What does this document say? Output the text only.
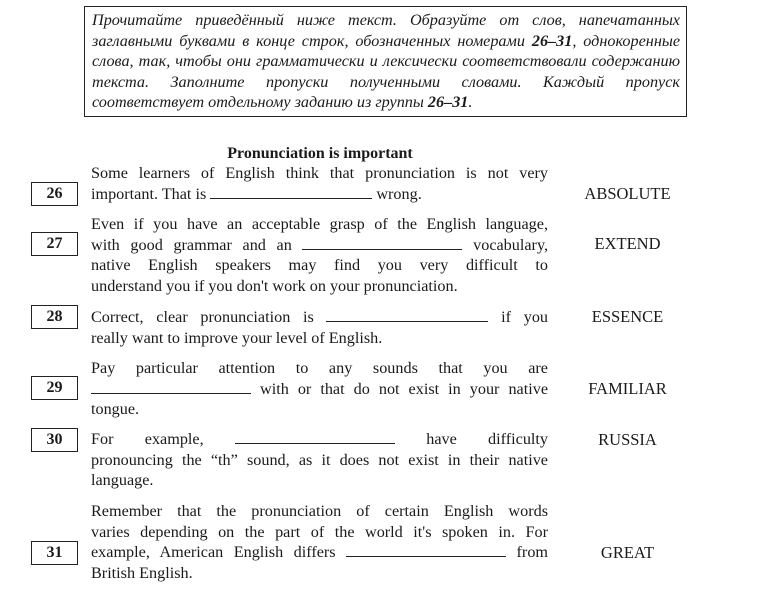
Прочитайте приведённый ниже текст. Образуйте от слов, напечатанных заглавными буквами в конце строк, обозначенных номерами 26–31, однокоренные слова, так, чтобы они грамматически и лексически соответствовали содержанию текста. Заполните пропуски полученными словами. Каждый пропуск соответствует отдельному заданию из группы 26–31.
Pronunciation is important
Some learners of English think that pronunciation is not very
important. That is	wrong.
26	ABSOLUTE
Even if you have an acceptable grasp of the English language,
with good grammar and an	vocabulary,
native English speakers may find you very difficult to
understand you if you don't work on your pronunciation.
27	EXTEND
Correct, clear pronunciation is	if you
really want to improve your level of English.
28	ESSENCE
Pay particular attention to any sounds that you are
with or that do not exist in your native
tongue.
29	FAMILIAR
For example,	have difficulty
pronouncing the “th” sound, as it does not exist in their native
language.
30	RUSSIA
Remember that the pronunciation of certain English words
varies depending on the part of the world it's spoken in. For
example, American English differs	from
British English.
31	GREAT
